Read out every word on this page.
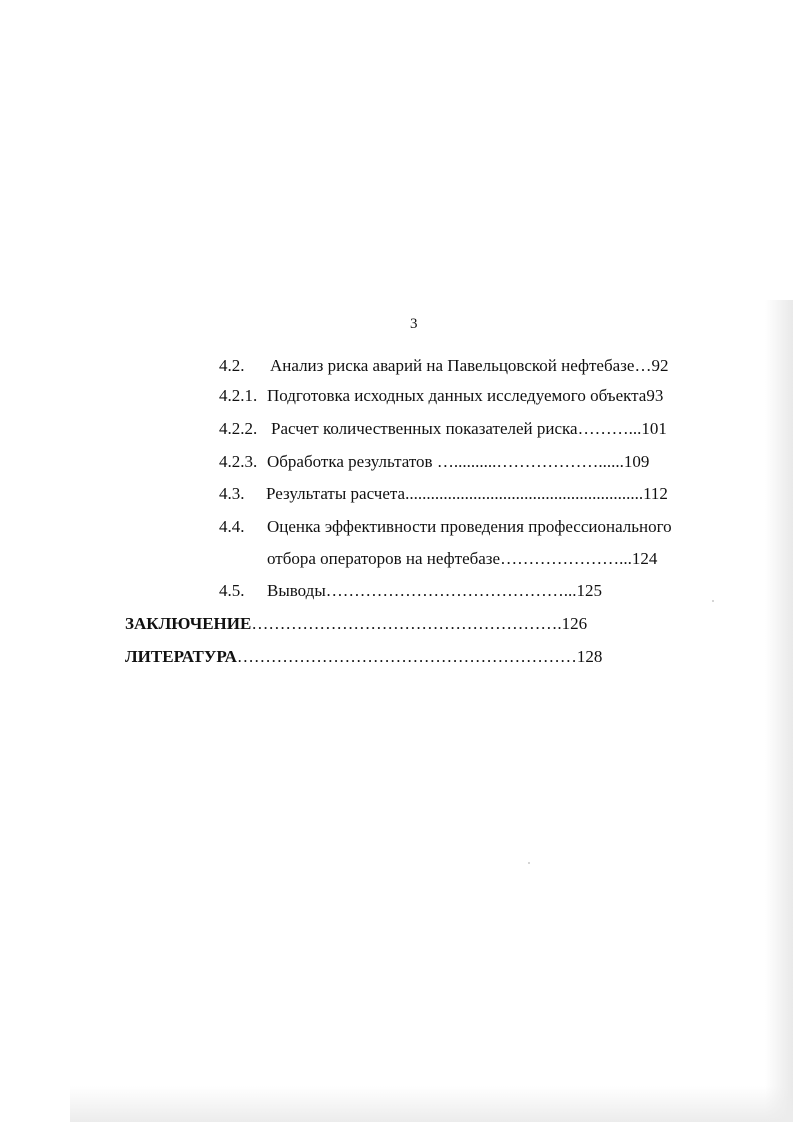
3
4.2. Анализ риска аварий на Павельцовской нефтебазе…92
4.2.1. Подготовка исходных данных исследуемого объекта93
4.2.2. Расчет количественных показателей риска………...101
4.2.3. Обработка результатов …..........………………......109
4.3. Результаты расчета........................................................112
4.4. Оценка эффективности проведения профессионального
отбора операторов на нефтебазе…………………...124
4.5. Выводы……………………………………...125
ЗАКЛЮЧЕНИЕ……………………………………………….126
ЛИТЕРАТУРА……………………………………………………128
